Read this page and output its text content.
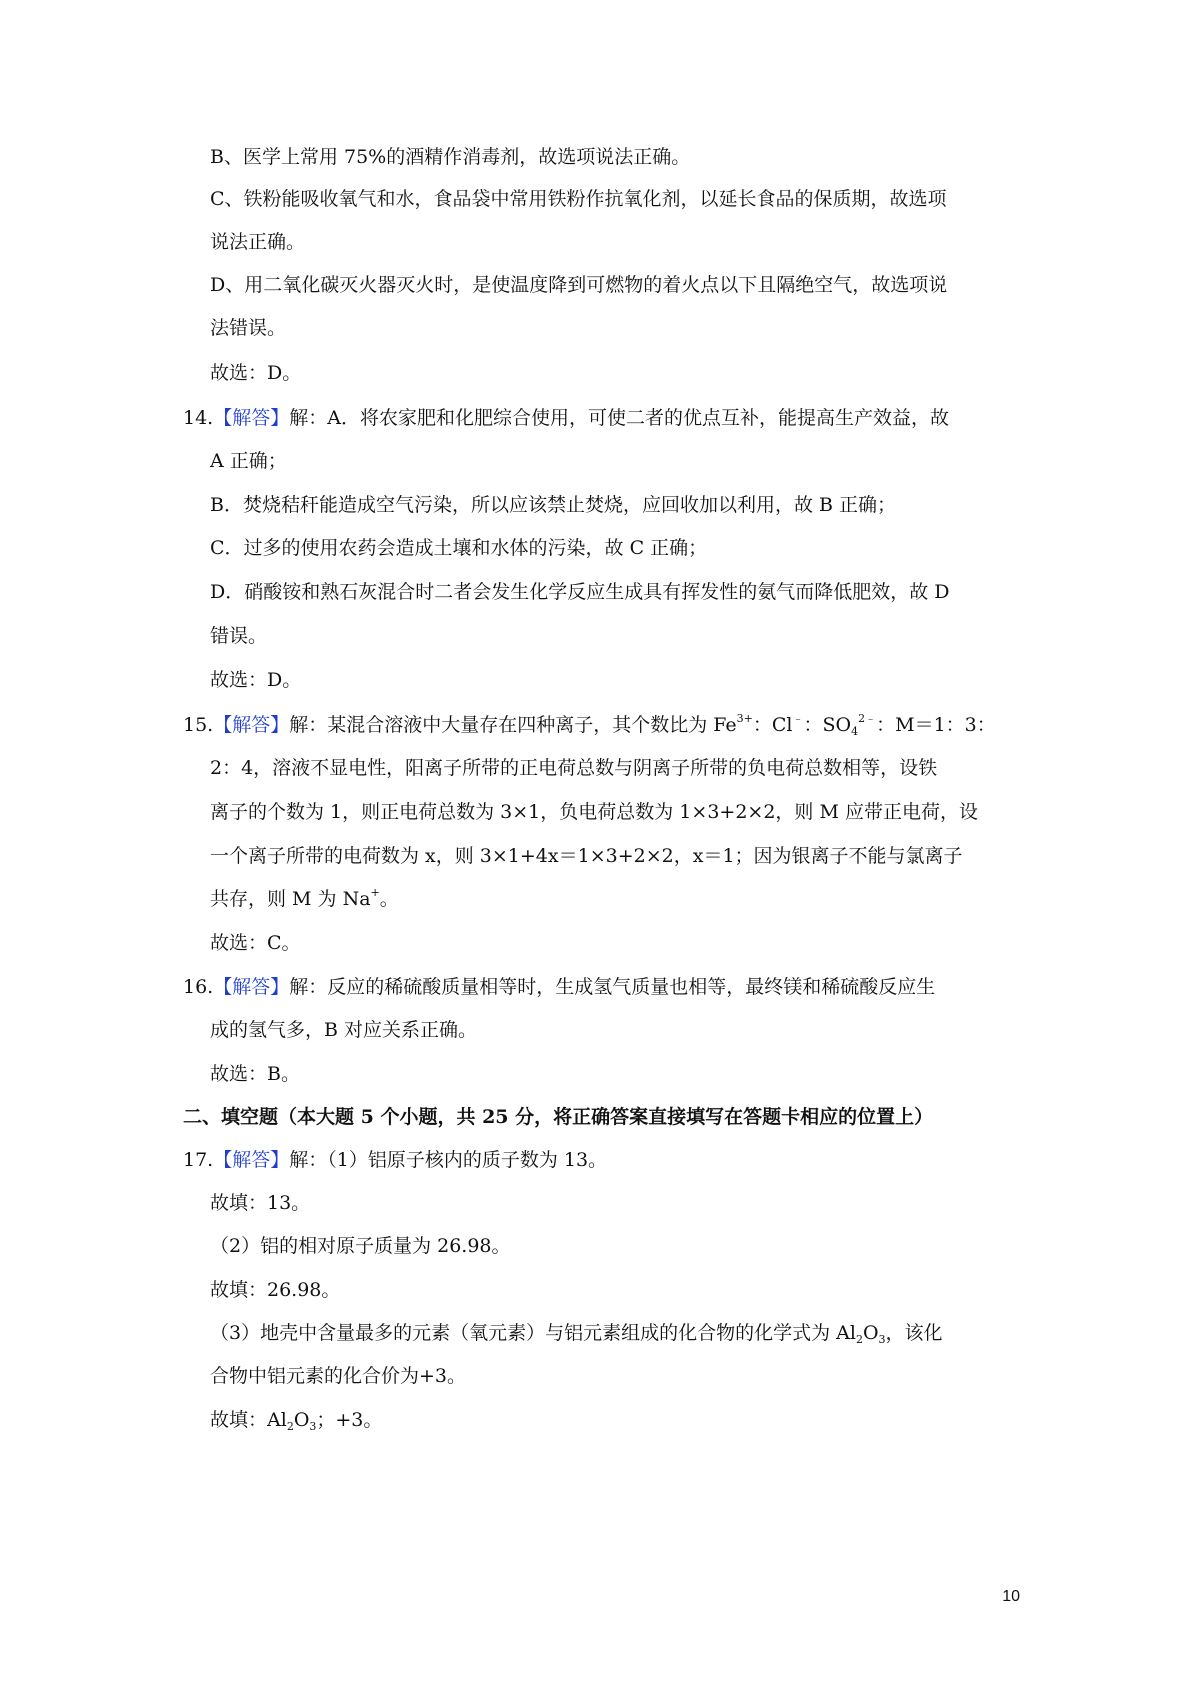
B、医学上常用 75%的酒精作消毒剂，故选项说法正确。
C、铁粉能吸收氧气和水，食品袋中常用铁粉作抗氧化剂，以延长食品的保质期，故选项
说法正确。
D、用二氧化碳灭火器灭火时，是使温度降到可燃物的着火点以下且隔绝空气，故选项说
法错误。
故选：D。
14.【解答】解：A．将农家肥和化肥综合使用，可使二者的优点互补，能提高生产效益，故
A 正确；
B．焚烧秸秆能造成空气污染，所以应该禁止焚烧，应回收加以利用，故 B 正确；
C．过多的使用农药会造成土壤和水体的污染，故 C 正确；
D．硝酸铵和熟石灰混合时二者会发生化学反应生成具有挥发性的氨气而降低肥效，故 D
错误。
故选：D。
15.【解答】解：某混合溶液中大量存在四种离子，其个数比为 $Fe^{3+}$：Cl﹣：$SO_4^{2﹣}$：M＝1：3：
2：4，溶液不显电性，阳离子所带的正电荷总数与阴离子所带的负电荷总数相等，设铁
离子的个数为 1，则正电荷总数为 3×1，负电荷总数为 1×3+2×2，则 M 应带正电荷，设
一个离子所带的电荷数为 x，则 3×1+4x＝1×3+2×2，x＝1；因为银离子不能与氯离子
共存，则 M 为 Na+。
故选：C。
16.【解答】解：反应的稀硫酸质量相等时，生成氢气质量也相等，最终镁和稀硫酸反应生
成的氢气多，B 对应关系正确。
故选：B。
二、填空题（本大题 5 个小题，共 25 分，将正确答案直接填写在答题卡相应的位置上）
17.【解答】解：（1）铝原子核内的质子数为 13。
故填：13。
（2）铝的相对原子质量为 26.98。
故填：26.98。
（3）地壳中含量最多的元素（氧元素）与铝元素组成的化合物的化学式为 $Al_2O_3$，该化
合物中铝元素的化合价为+3。
故填：$Al_2O_3$；+3。
10
